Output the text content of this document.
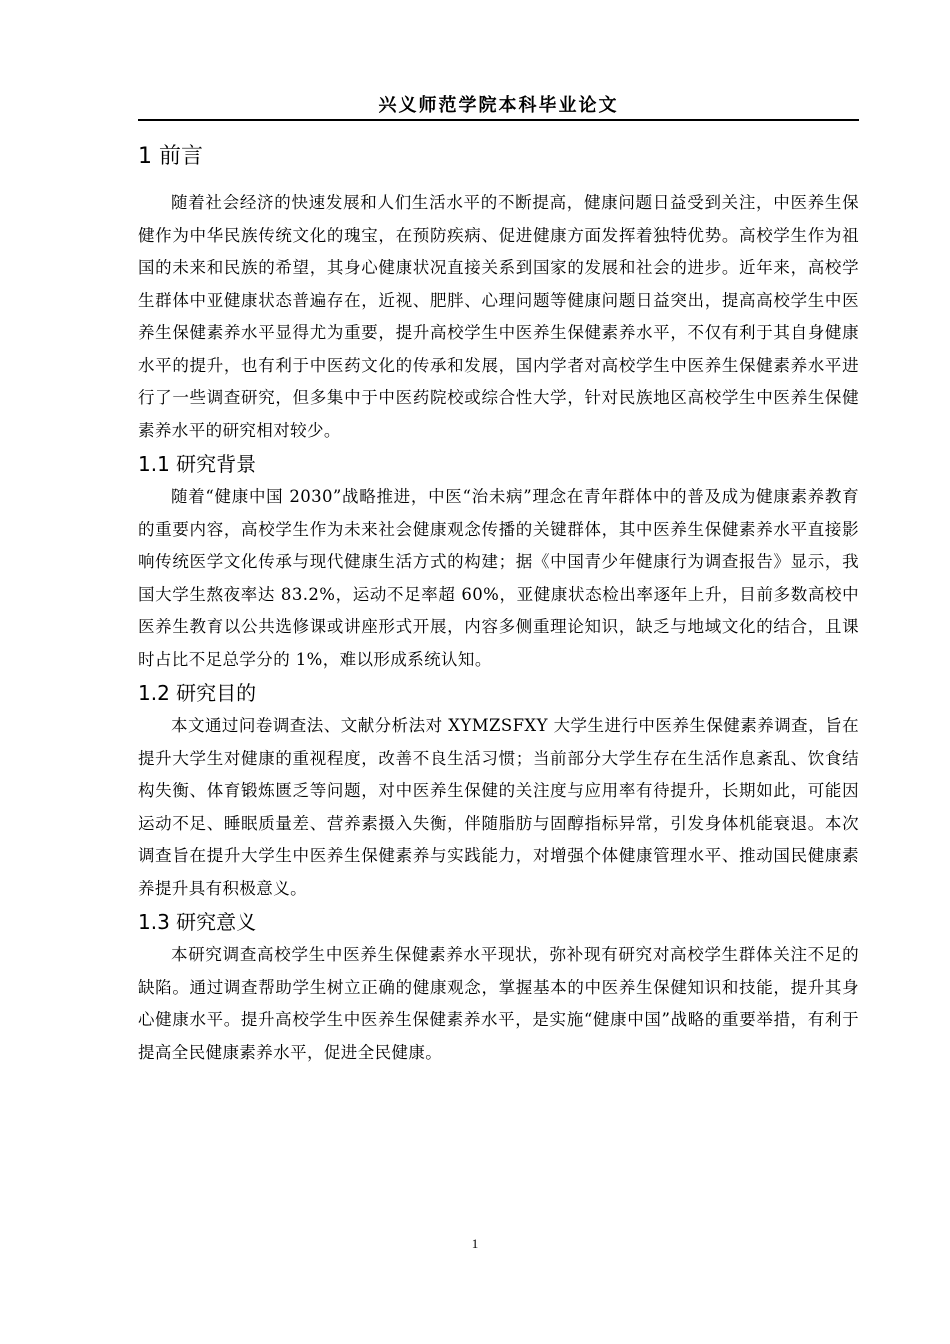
兴义师范学院本科毕业论文
1 前言

随着社会经济的快速发展和人们生活水平的不断提高，健康问题日益受到关注，中医养生保健作为中华民族传统文化的瑰宝，在预防疾病、促进健康方面发挥着独特优势。高校学生作为祖国的未来和民族的希望，其身心健康状况直接关系到国家的发展和社会的进步。近年来，高校学生群体中亚健康状态普遍存在，近视、肥胖、心理问题等健康问题日益突出，提高高校学生中医养生保健素养水平显得尤为重要，提升高校学生中医养生保健素养水平，不仅有利于其自身健康水平的提升，也有利于中医药文化的传承和发展，国内学者对高校学生中医养生保健素养水平进行了一些调查研究，但多集中于中医药院校或综合性大学，针对民族地区高校学生中医养生保健素养水平的研究相对较少。

1.1 研究背景

随着“健康中国 2030”战略推进，中医“治未病”理念在青年群体中的普及成为健康素养教育的重要内容，高校学生作为未来社会健康观念传播的关键群体，其中医养生保健素养水平直接影响传统医学文化传承与现代健康生活方式的构建；据《中国青少年健康行为调查报告》显示，我国大学生熬夜率达 83.2%，运动不足率超 60%，亚健康状态检出率逐年上升，目前多数高校中医养生教育以公共选修课或讲座形式开展，内容多侧重理论知识，缺乏与地域文化的结合，且课时占比不足总学分的 1%，难以形成系统认知。

1.2 研究目的

本文通过问卷调查法、文献分析法对 XYMZSFXY 大学生进行中医养生保健素养调查，旨在提升大学生对健康的重视程度，改善不良生活习惯；当前部分大学生存在生活作息紊乱、饮食结构失衡、体育锻炼匮乏等问题，对中医养生保健的关注度与应用率有待提升，长期如此，可能因运动不足、睡眠质量差、营养素摄入失衡，伴随脂肪与固醇指标异常，引发身体机能衰退。本次调查旨在提升大学生中医养生保健素养与实践能力，对增强个体健康管理水平、推动国民健康素养提升具有积极意义。

1.3 研究意义

本研究调查高校学生中医养生保健素养水平现状，弥补现有研究对高校学生群体关注不足的缺陷。通过调查帮助学生树立正确的健康观念，掌握基本的中医养生保健知识和技能，提升其身心健康水平。提升高校学生中医养生保健素养水平，是实施“健康中国”战略的重要举措，有利于提高全民健康素养水平，促进全民健康。

1
